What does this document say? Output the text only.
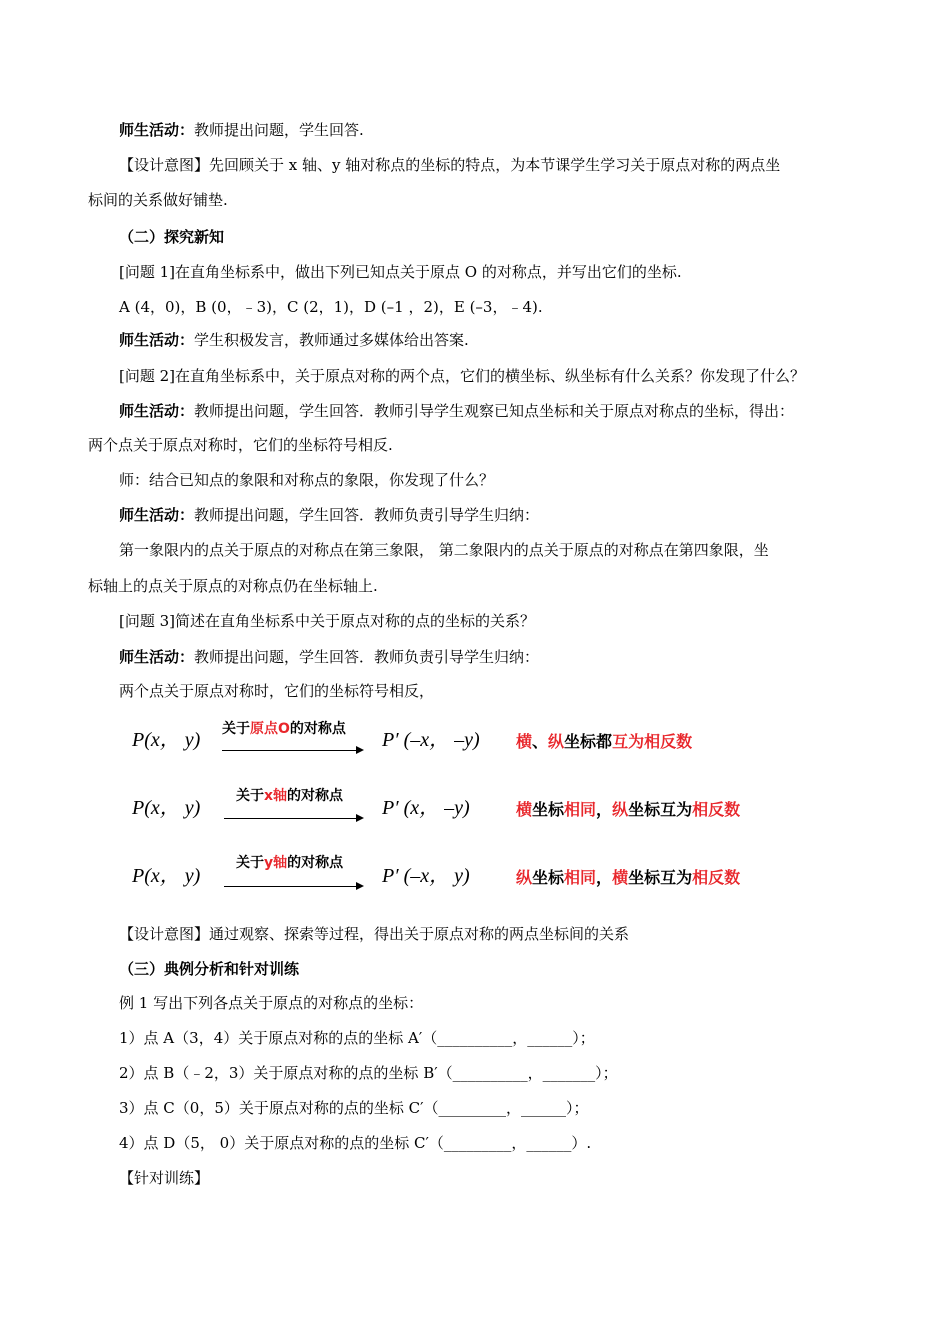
师生活动：教师提出问题，学生回答.
【设计意图】先回顾关于 x 轴、y 轴对称点的坐标的特点，为本节课学生学习关于原点对称的两点坐
标间的关系做好铺垫.
（二）探究新知
[问题 1]在直角坐标系中，做出下列已知点关于原点 O 的对称点，并写出它们的坐标.
A (4，0)，B (0，﹣3)，C (2，1)，D (–1 ，2)，E (–3，﹣4).
师生活动：学生积极发言，教师通过多媒体给出答案.
[问题 2]在直角坐标系中，关于原点对称的两个点，它们的横坐标、纵坐标有什么关系？你发现了什么？
师生活动：教师提出问题，学生回答．教师引导学生观察已知点坐标和关于原点对称点的坐标，得出：
两个点关于原点对称时，它们的坐标符号相反.
师：结合已知点的象限和对称点的象限，你发现了什么？
师生活动：教师提出问题，学生回答．教师负责引导学生归纳：
第一象限内的点关于原点的对称点在第三象限， 第二象限内的点关于原点的对称点在第四象限，坐
标轴上的点关于原点的对称点仍在坐标轴上.
[问题 3]简述在直角坐标系中关于原点对称的点的坐标的关系？
师生活动：教师提出问题，学生回答．教师负责引导学生归纳：
两个点关于原点对称时，它们的坐标符号相反，
关于原点O的对称点
P(x， y)	P′ (–x， –y) 横、纵坐标都互为相反数
关于x轴的对称点
P(x， y)	P′ (x， –y)	横坐标相同，纵坐标互为相反数
关于y轴的对称点
P(x， y)	P′ (–x， y)	纵坐标相同，横坐标互为相反数
【设计意图】通过观察、探索等过程，得出关于原点对称的两点坐标间的关系
（三）典例分析和针对训练
例 1 写出下列各点关于原点的对称点的坐标：
1）点 A（3，4）关于原点对称的点的坐标 A′（__________，______）；
2）点 B（﹣2，3）关于原点对称的点的坐标 B′（__________，_______）；
3）点 C（0，5）关于原点对称的点的坐标 C′（_________，______）；
4）点 D（5， 0）关于原点对称的点的坐标 C′（_________，______）.
【针对训练】
